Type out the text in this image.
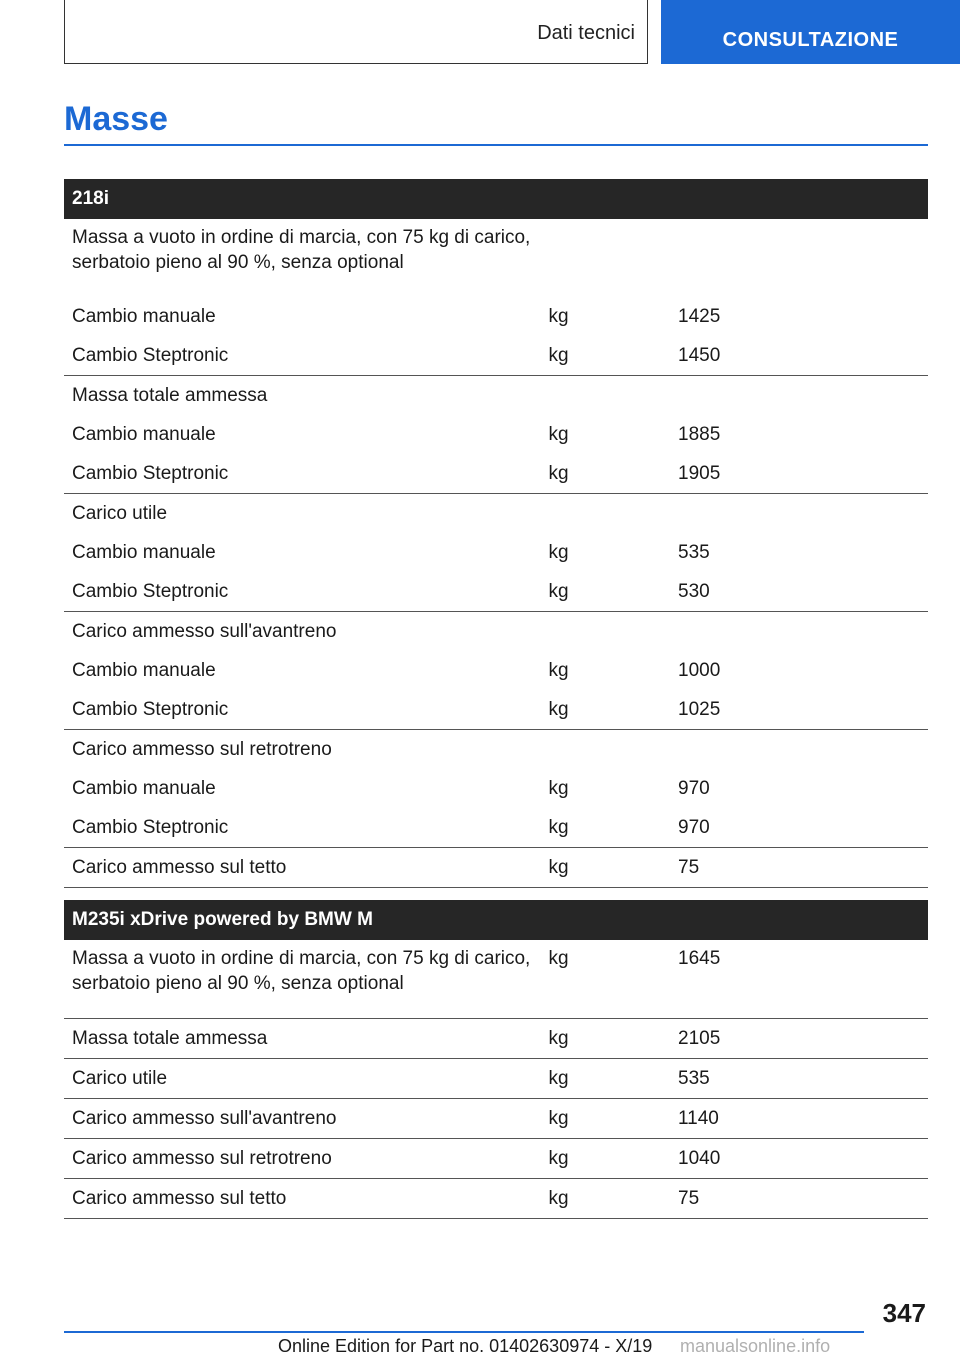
Dati tecnici	CONSULTAZIONE
Masse
218i		
Massa a vuoto in ordine di marcia, con 75 kg di carico, serbatoio pieno al 90 %, senza optional		
Cambio manuale	kg	1425
Cambio Steptronic	kg	1450
Massa totale ammessa		
Cambio manuale	kg	1885
Cambio Steptronic	kg	1905
Carico utile		
Cambio manuale	kg	535
Cambio Steptronic	kg	530
Carico ammesso sull'avantreno		
Cambio manuale	kg	1000
Cambio Steptronic	kg	1025
Carico ammesso sul retrotreno		
Cambio manuale	kg	970
Cambio Steptronic	kg	970
Carico ammesso sul tetto	kg	75
M235i xDrive powered by BMW M		
Massa a vuoto in ordine di marcia, con 75 kg di carico, serbatoio pieno al 90 %, senza optional	kg	1645
Massa totale ammessa	kg	2105
Carico utile	kg	535
Carico ammesso sull'avantreno	kg	1140
Carico ammesso sul retrotreno	kg	1040
Carico ammesso sul tetto	kg	75
347
Online Edition for Part no. 01402630974 - X/19 manualsonline.info
